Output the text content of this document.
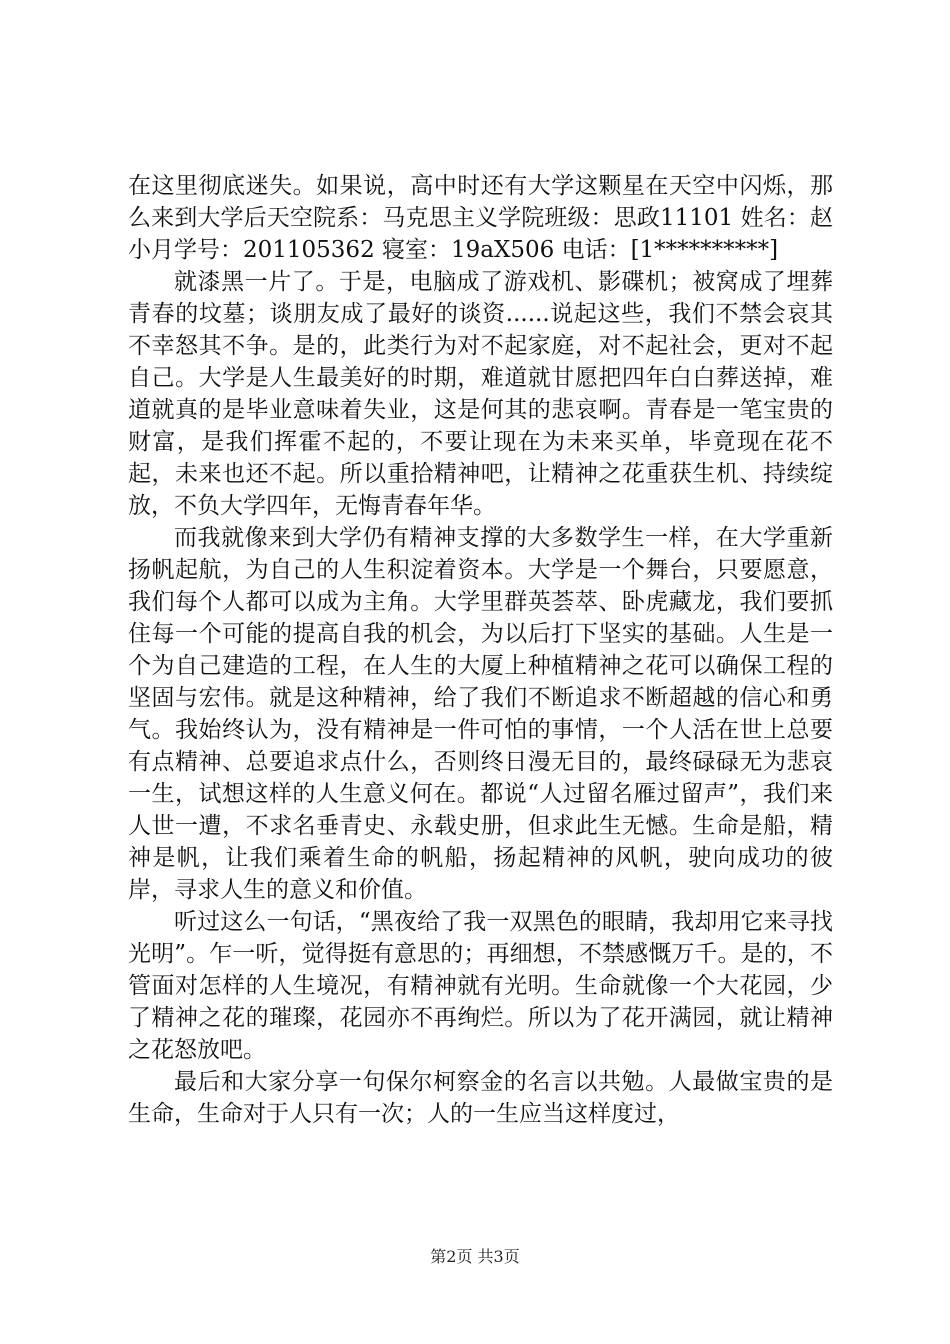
在这里彻底迷失。如果说，高中时还有大学这颗星在天空中闪烁，那么来到大学后天空院系：马克思主义学院班级：思政11101 姓名：赵小月学号：201105362 寝室：19aX506 电话：[1**********]

就漆黑一片了。于是，电脑成了游戏机、影碟机；被窝成了埋葬青春的坟墓；谈朋友成了最好的谈资......说起这些，我们不禁会哀其不幸怒其不争。是的，此类行为对不起家庭，对不起社会，更对不起自己。大学是人生最美好的时期，难道就甘愿把四年白白葬送掉，难道就真的是毕业意味着失业，这是何其的悲哀啊。青春是一笔宝贵的财富，是我们挥霍不起的，不要让现在为未来买单，毕竟现在花不起，未来也还不起。所以重拾精神吧，让精神之花重获生机、持续绽放，不负大学四年，无悔青春年华。

而我就像来到大学仍有精神支撑的大多数学生一样，在大学重新扬帆起航，为自己的人生积淀着资本。大学是一个舞台，只要愿意，我们每个人都可以成为主角。大学里群英荟萃、卧虎藏龙，我们要抓住每一个可能的提高自我的机会，为以后打下坚实的基础。人生是一个为自己建造的工程，在人生的大厦上种植精神之花可以确保工程的坚固与宏伟。就是这种精神，给了我们不断追求不断超越的信心和勇气。我始终认为，没有精神是一件可怕的事情，一个人活在世上总要有点精神、总要追求点什么，否则终日漫无目的，最终碌碌无为悲哀一生，试想这样的人生意义何在。都说“人过留名雁过留声”，我们来人世一遭，不求名垂青史、永载史册，但求此生无憾。生命是船，精神是帆，让我们乘着生命的帆船，扬起精神的风帆，驶向成功的彼岸，寻求人生的意义和价值。

听过这么一句话，“黑夜给了我一双黑色的眼睛，我却用它来寻找光明”。乍一听，觉得挺有意思的；再细想，不禁感慨万千。是的，不管面对怎样的人生境况，有精神就有光明。生命就像一个大花园，少了精神之花的璀璨，花园亦不再绚烂。所以为了花开满园，就让精神之花怒放吧。

最后和大家分享一句保尔柯察金的名言以共勉。人最做宝贵的是生命，生命对于人只有一次；人的一生应当这样度过，

第2页 共3页
